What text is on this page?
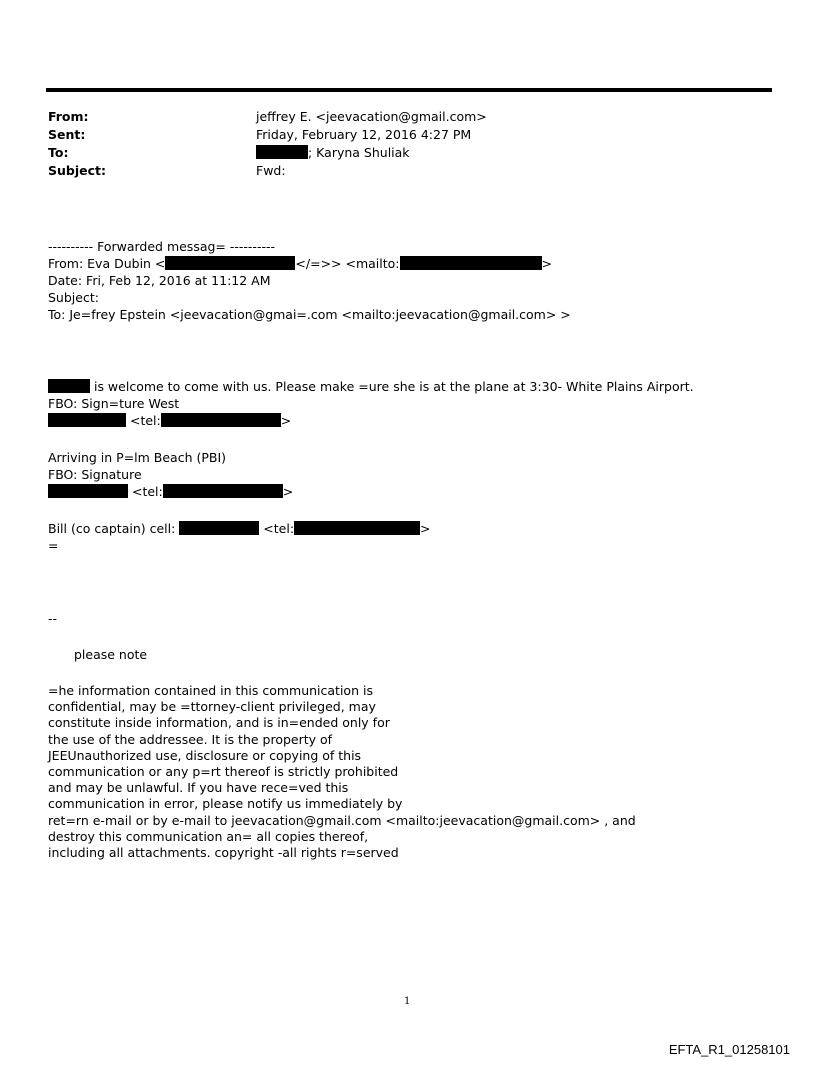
From:	jeffrey E. <jeevacation@gmail.com>
Sent:	Friday, February 12, 2016 4:27 PM
To:	; Karyna Shuliak
Subject:	Fwd:
---------- Forwarded messag= ----------
From: Eva Dubin <	</=>> <mailto:	>
Date: Fri, Feb 12, 2016 at 11:12 AM
Subject:
To: Je=frey Epstein <jeevacation@gmai=.com <mailto:jeevacation@gmail.com> >
is welcome to come with us. Please make =ure she is at the plane at 3:30- White Plains Airport.
FBO: Sign=ture West
<tel:	>
Arriving in P=lm Beach (PBI)
FBO: Signature
<tel:	>
Bill (co captain) cell:	<tel:	>
=
--
please note
=he information contained in this communication is
confidential, may be =ttorney-client privileged, may
constitute inside information, and is in=ended only for
the use of the addressee. It is the property of
JEEUnauthorized use, disclosure or copying of this
communication or any p=rt thereof is strictly prohibited
and may be unlawful. If you have rece=ved this
communication in error, please notify us immediately by
ret=rn e-mail or by e-mail to jeevacation@gmail.com <mailto:jeevacation@gmail.com> , and
destroy this communication an= all copies thereof,
including all attachments. copyright -all rights r=served
1
EFTA_R1_01258101
